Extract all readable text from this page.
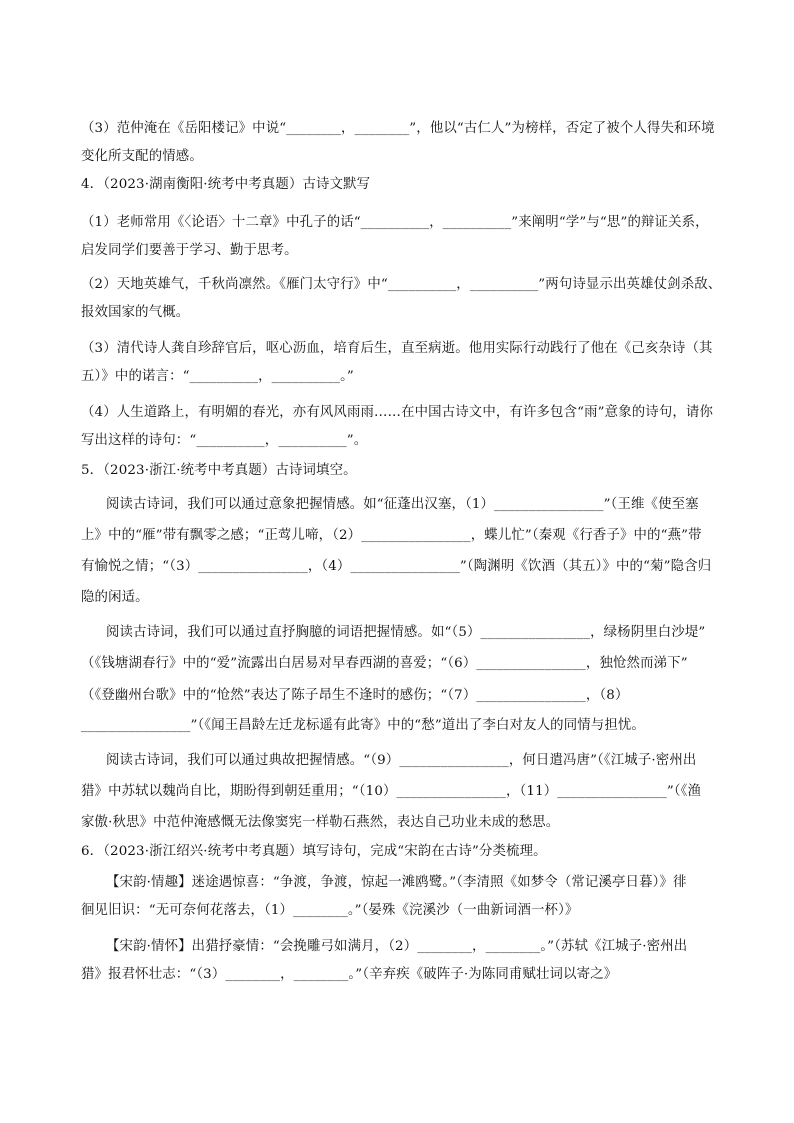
（3）范仲淹在《岳阳楼记》中说“________，________”，他以“古仁人”为榜样，否定了被个人得失和环境
变化所支配的情感。
4．（2023·湖南衡阳·统考中考真题）古诗文默写
（1）老师常用《〈论语〉十二章》中孔子的话“__________，__________”来阐明“学”与“思”的辩证关系，
启发同学们要善于学习、勤于思考。
（2）天地英雄气，千秋尚凛然。《雁门太守行》中“__________，__________”两句诗显示出英雄仗剑杀敌、
报效国家的气概。
（3）清代诗人龚自珍辞官后，呕心沥血，培育后生，直至病逝。他用实际行动践行了他在《己亥杂诗（其
五）》中的诺言：“__________，__________。”
（4）人生道路上，有明媚的春光，亦有风风雨雨……在中国古诗文中，有许多包含“雨”意象的诗句，请你
写出这样的诗句：“__________，__________”。
5．（2023·浙江·统考中考真题）古诗词填空。
阅读古诗词，我们可以通过意象把握情感。如“征蓬出汉塞，（1）________________”（王维《使至塞
上》中的“雁”带有飘零之感；“正莺儿啼，（2）________________，蝶儿忙”（秦观《行香子》中的“燕”带
有愉悦之情；“（3）________________，（4）________________”（陶渊明《饮酒（其五）》中的“菊”隐含归
隐的闲适。
阅读古诗词，我们可以通过直抒胸臆的词语把握情感。如“（5）________________，绿杨阴里白沙堤”
（《钱塘湖春行》中的“爱”流露出白居易对早春西湖的喜爱；“（6）________________，独怆然而涕下”
（《登幽州台歌》中的“怆然”表达了陈子昂生不逢时的感伤；“（7）________________，（8）
________________”（《闻王昌龄左迁龙标遥有此寄》中的“愁”道出了李白对友人的同情与担忧。
阅读古诗词，我们可以通过典故把握情感。“（9）________________，何日遣冯唐”（《江城子·密州出
猎》中苏轼以魏尚自比，期盼得到朝廷重用；“（10）________________，（11）________________”（《渔
家傲·秋思》中范仲淹感慨无法像窦宪一样勒石燕然，表达自己功业未成的愁思。
6．（2023·浙江绍兴·统考中考真题）填写诗句，完成“宋韵在古诗”分类梳理。
【宋韵·情趣】迷途遇惊喜：“争渡，争渡，惊起一滩鸥鹭。”（李清照《如梦令（常记溪亭日暮）》徘
徊见旧识：“无可奈何花落去，（1）________。”（晏殊《浣溪沙（一曲新词酒一杯）》
【宋韵·情怀】出猎抒豪情：“会挽雕弓如满月，（2）________，________。”（苏轼《江城子·密州出
猎》报君怀壮志：“（3）________，________。”（辛弃疾《破阵子·为陈同甫赋壮词以寄之》
